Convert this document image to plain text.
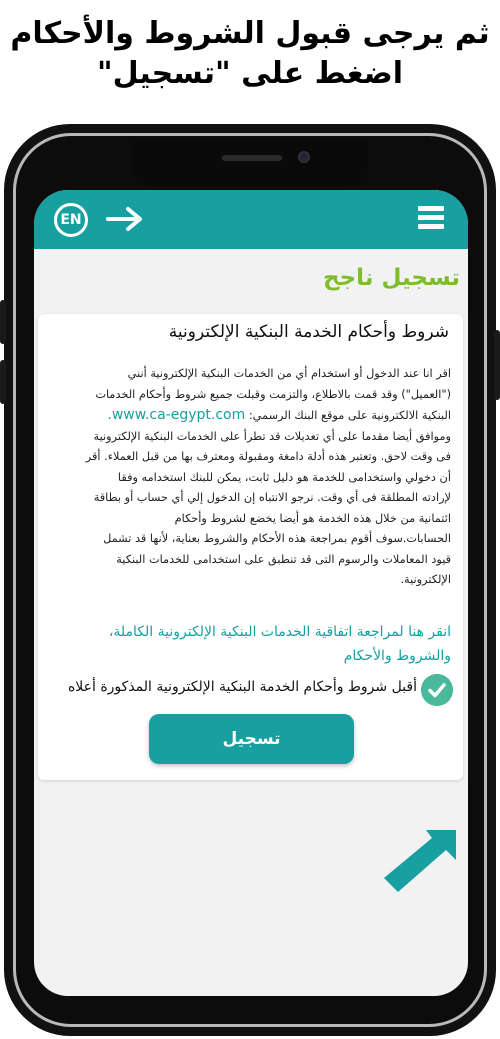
ثم يرجى قبول الشروط والأحكام
اضغط على "تسجيل"
EN
تسجيل ناجح
شروط وأحكام الخدمة البنكية الإلكترونية
اقر انا عند الدخول أو استخدام أي من الخدمات البنكية الإلكترونية أنني
("العميل") وقد قمت بالاطلاع، والتزمت وقبلت جميع شروط وأحكام الخدمات
البنكية الالكترونية على موقع البنك الرسمي: www.ca-egypt.com.
وموافق أيضا مقدما على أي تعديلات قد تطرأ على الخدمات البنكية الإلكترونية
فى وقت لاحق. وتعتبر هذه أدلة دامغة ومقبولة ومعترف بها من قبل العملاء. أقر
أن دخولي واستخدامى للخدمة هو دليل ثابت، يمكن للبنك استخدامه وفقا
لإرادته المطلقة فى أي وقت. نرجو الانتباه إن الدخول إلي أي حساب أو بطاقة
ائتمانية من خلال هذه الخدمة هو أيضا يخضع لشروط وأحكام
الحسابات.سوف أقوم بمراجعة هذه الأحكام والشروط بعناية، لأنها قد تشمل
قيود المعاملات والرسوم التى قد تنطبق على استخدامى للخدمات البنكية
الإلكترونية.
انقر هنا لمراجعة اتفاقية الخدمات البنكية الإلكترونية الكاملة،
والشروط والأحكام
أقبل شروط وأحكام الخدمة البنكية الإلكترونية المذكورة أعلاه
تسجيل
